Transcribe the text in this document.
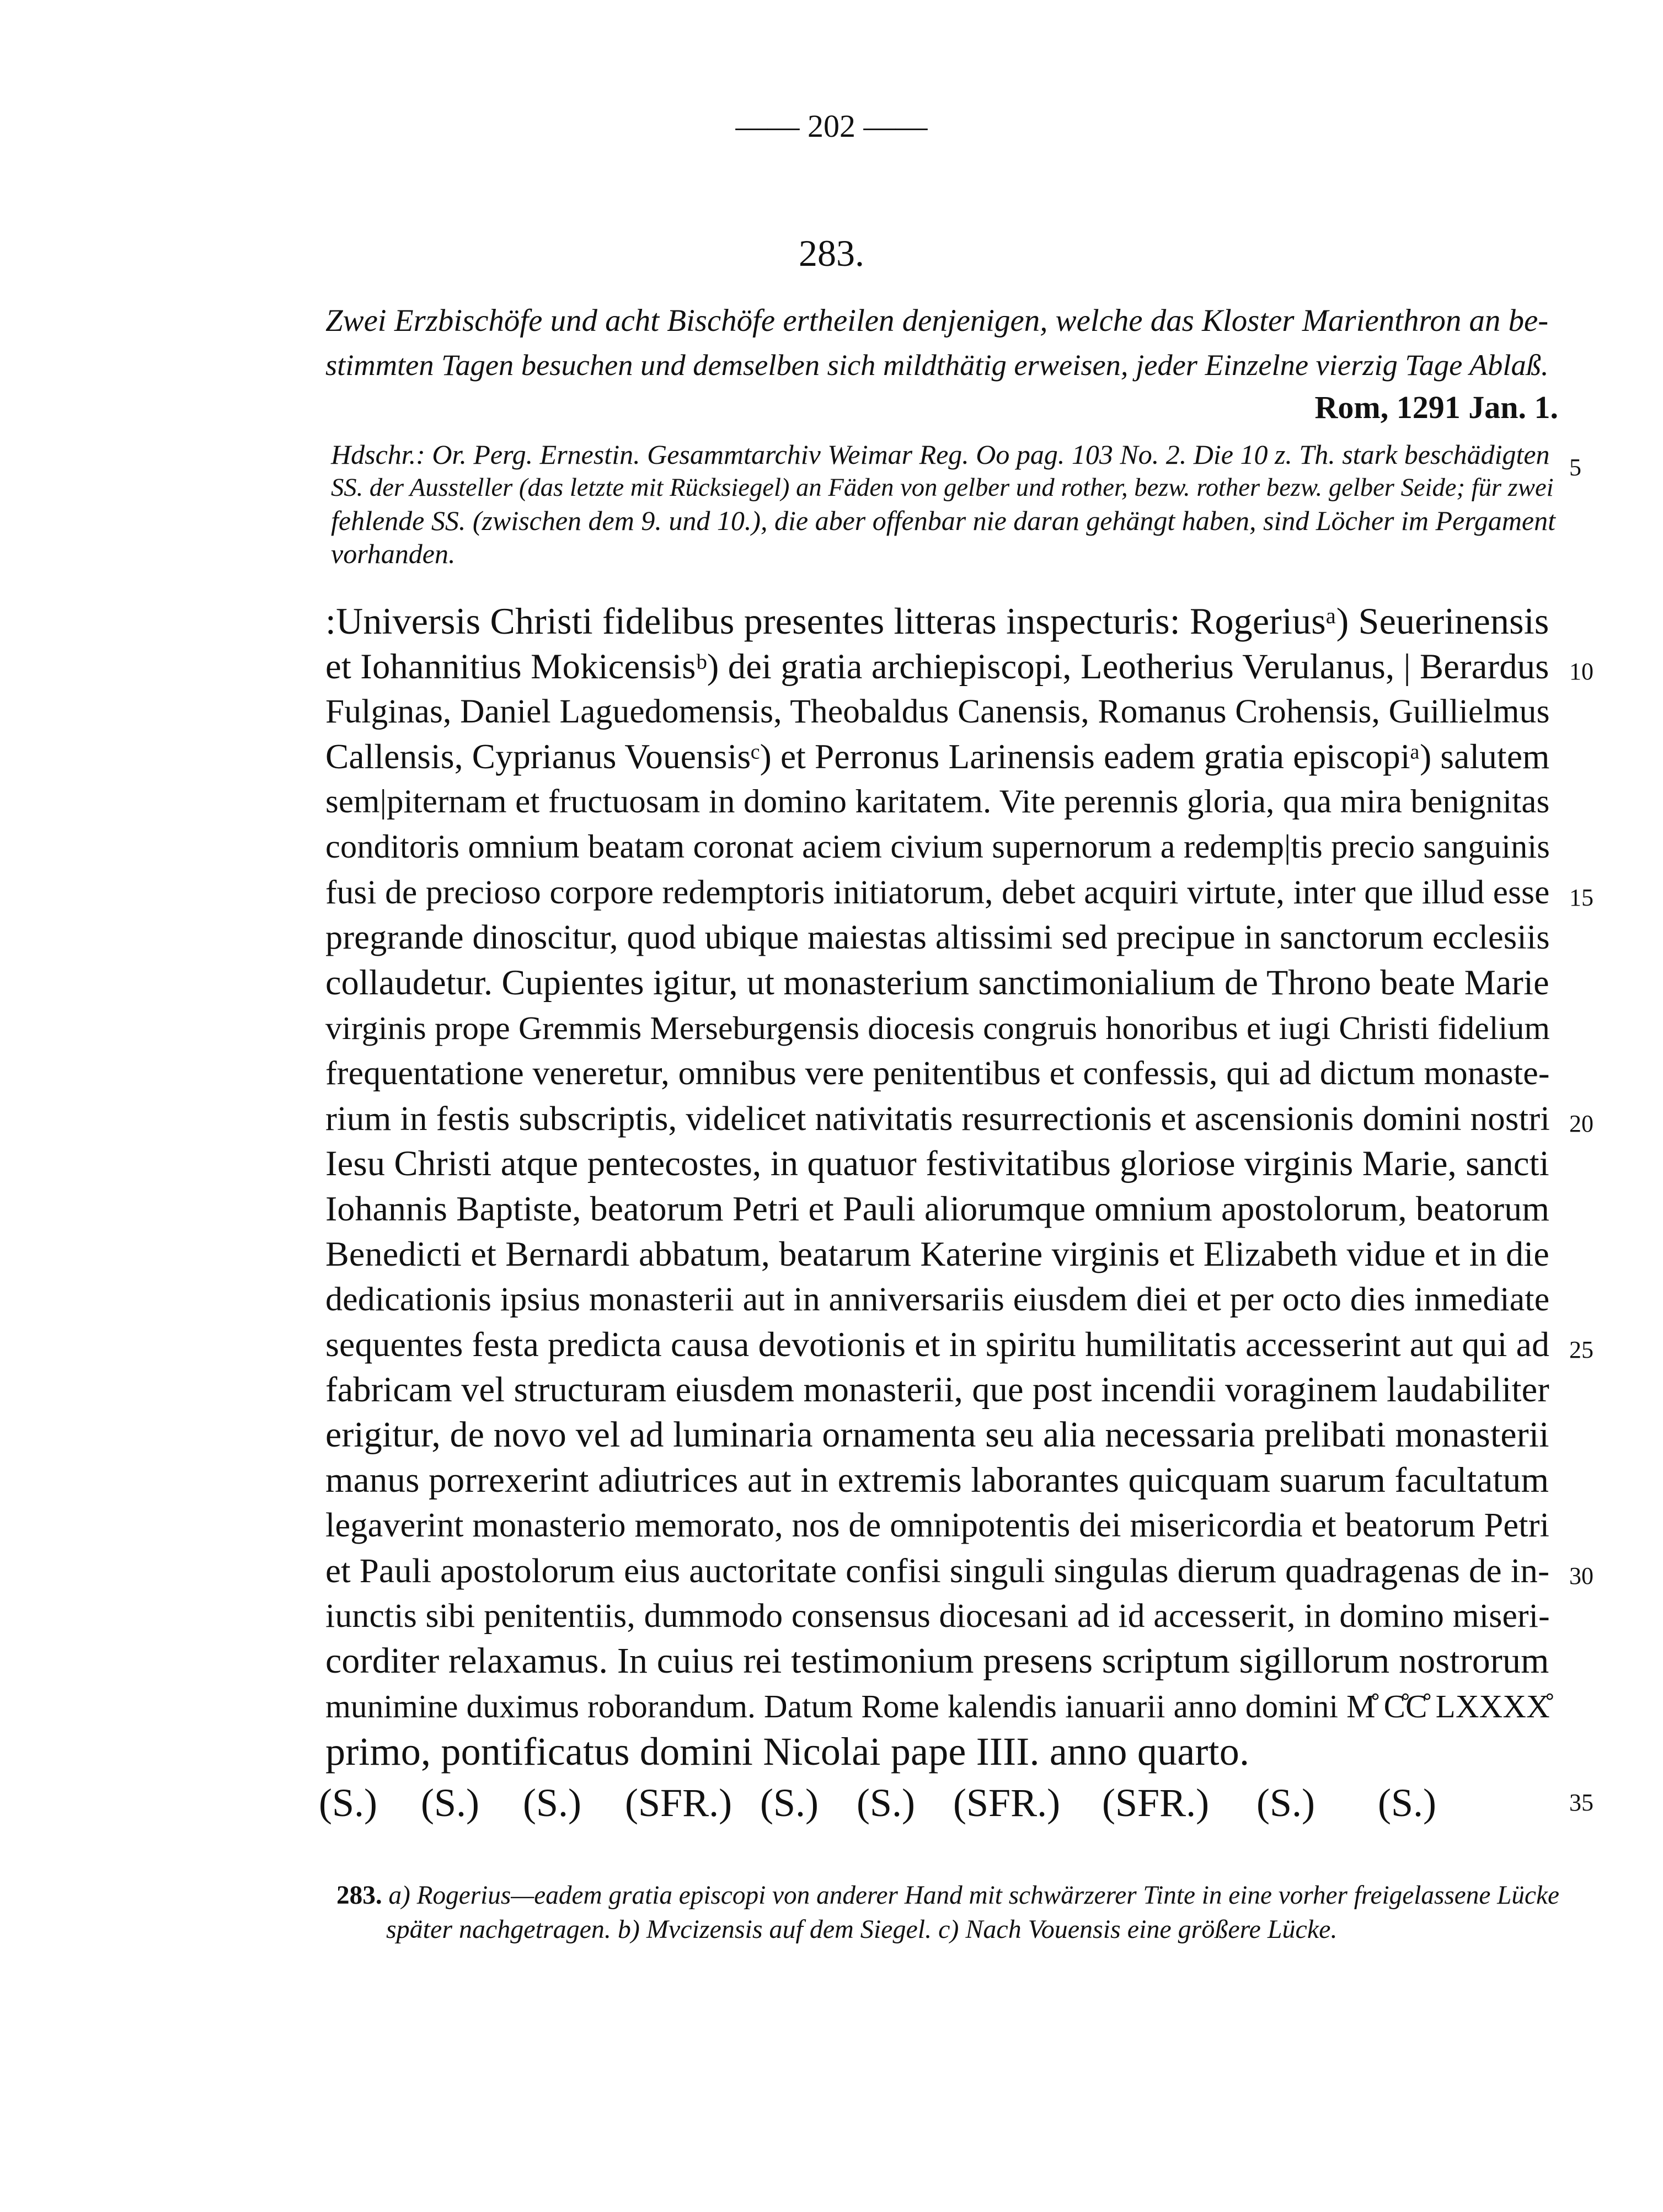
—— 202 ——
283.
Zwei Erzbischöfe und acht Bischöfe ertheilen denjenigen, welche das Kloster Marienthron an be-
stimmten Tagen besuchen und demselben sich mildthätig erweisen, jeder Einzelne vierzig Tage Ablaß.
Rom, 1291 Jan. 1.
Hdschr.: Or. Perg. Ernestin. Gesammtarchiv Weimar Reg. Oo pag. 103 No. 2. Die 10 z. Th. stark beschädigten
SS. der Aussteller (das letzte mit Rücksiegel) an Fäden von gelber und rother, bezw. rother bezw. gelber Seide; für zwei
fehlende SS. (zwischen dem 9. und 10.), die aber offenbar nie daran gehängt haben, sind Löcher im Pergament
vorhanden.
:Universis Christi fidelibus presentes litteras inspecturis: Rogeriusᵃ) Seuerinensis
et Iohannitius Mokicensisᵇ) dei gratia archiepiscopi, Leotherius Verulanus, | Berardus
Fulginas, Daniel Laguedomensis, Theobaldus Canensis, Romanus Crohensis, Guillielmus
Callensis, Cyprianus Vouensisᶜ) et Perronus Larinensis eadem gratia episcopiᵃ) salutem
sem|piternam et fructuosam in domino karitatem. Vite perennis gloria, qua mira benignitas
conditoris omnium beatam coronat aciem civium supernorum a redemp|tis precio sanguinis
fusi de precioso corpore redemptoris initiatorum, debet acquiri virtute, inter que illud esse
pregrande dinoscitur, quod ubique maiestas altissimi sed precipue in sanctorum ecclesiis
collaudetur. Cupientes igitur, ut monasterium sanctimonialium de Throno beate Marie
virginis prope Gremmis Merseburgensis diocesis congruis honoribus et iugi Christi fidelium
frequentatione veneretur, omnibus vere penitentibus et confessis, qui ad dictum monaste-
rium in festis subscriptis, videlicet nativitatis resurrectionis et ascensionis domini nostri
Iesu Christi atque pentecostes, in quatuor festivitatibus gloriose virginis Marie, sancti
Iohannis Baptiste, beatorum Petri et Pauli aliorumque omnium apostolorum, beatorum
Benedicti et Bernardi abbatum, beatarum Katerine virginis et Elizabeth vidue et in die
dedicationis ipsius monasterii aut in anniversariis eiusdem diei et per octo dies inmediate
sequentes festa predicta causa devotionis et in spiritu humilitatis accesserint aut qui ad
fabricam vel structuram eiusdem monasterii, que post incendii voraginem laudabiliter
erigitur, de novo vel ad luminaria ornamenta seu alia necessaria prelibati monasterii
manus porrexerint adiutrices aut in extremis laborantes quicquam suarum facultatum
legaverint monasterio memorato, nos de omnipotentis dei misericordia et beatorum Petri
et Pauli apostolorum eius auctoritate confisi singuli singulas dierum quadragenas de in-
iunctis sibi penitentiis, dummodo consensus diocesani ad id accesserit, in domino miseri-
corditer relaxamus. In cuius rei testimonium presens scriptum sigillorum nostrorum
munimine duximus roborandum. Datum Rome kalendis ianuarii anno domini M̊ C̊C̊ LXXXX̊
primo, pontificatus domini Nicolai pape IIII. anno quarto.
(S.) (S.) (S.) (SFR.) (S.) (S.) (SFR.) (SFR.) (S.) (S.)
5
10
15
20
25
30
35
283. a) Rogerius—eadem gratia episcopi von anderer Hand mit schwärzerer Tinte in eine vorher freigelassene Lücke
später nachgetragen. b) Mvcizensis auf dem Siegel. c) Nach Vouensis eine größere Lücke.
